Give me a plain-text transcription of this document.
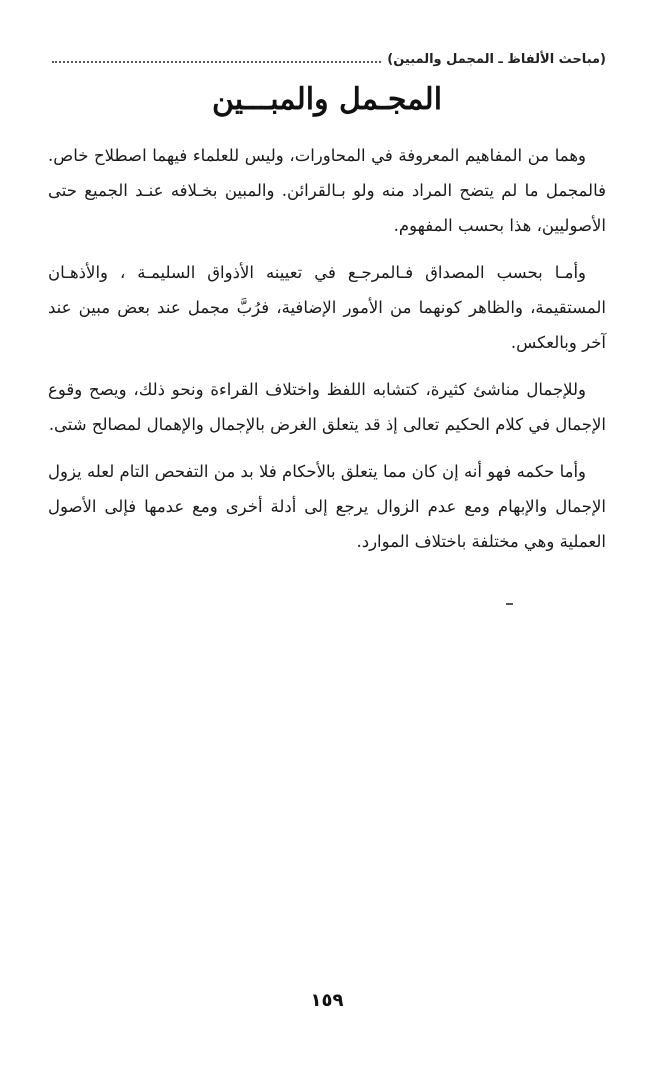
(مباحث الألفاظ ـ المجمل والمبين)
المجـمل والمبـــين

وهما من المفاهيم المعروفة في المحاورات، وليس للعلماء فيهما اصطلاح خاص. فالمجمل ما لم يتضح المراد منه ولو بـالقرائن. والمبين بخـلافه عنـد الجميع حتى الأصوليين، هذا بحسب المفهوم.

وأمـا بحسب المصداق فـالمرجـع في تعيينه الأذواق السليمـة ، والأذهـان المستقيمة، والظاهر كونهما من الأمور الإضافية، فرُبَّ مجمل عند بعض مبين عند آخر وبالعكس.

وللإجمال مناشئ كثيرة، كتشابه اللفظ واختلاف القراءة ونحو ذلك، ويصح وقوع الإجمال في كلام الحكيم تعالى إذ قد يتعلق الغرض بالإجمال والإهمال لمصالح شتى.

وأما حكمه فهو أنه إن كان مما يتعلق بالأحكام فلا بد من التفحص التام لعله يزول الإجمال والإبهام ومع عدم الزوال يرجع إلى أدلة أخرى ومع عدمها فإلى الأصول العملية وهي مختلفة باختلاف الموارد.

١٥٩
